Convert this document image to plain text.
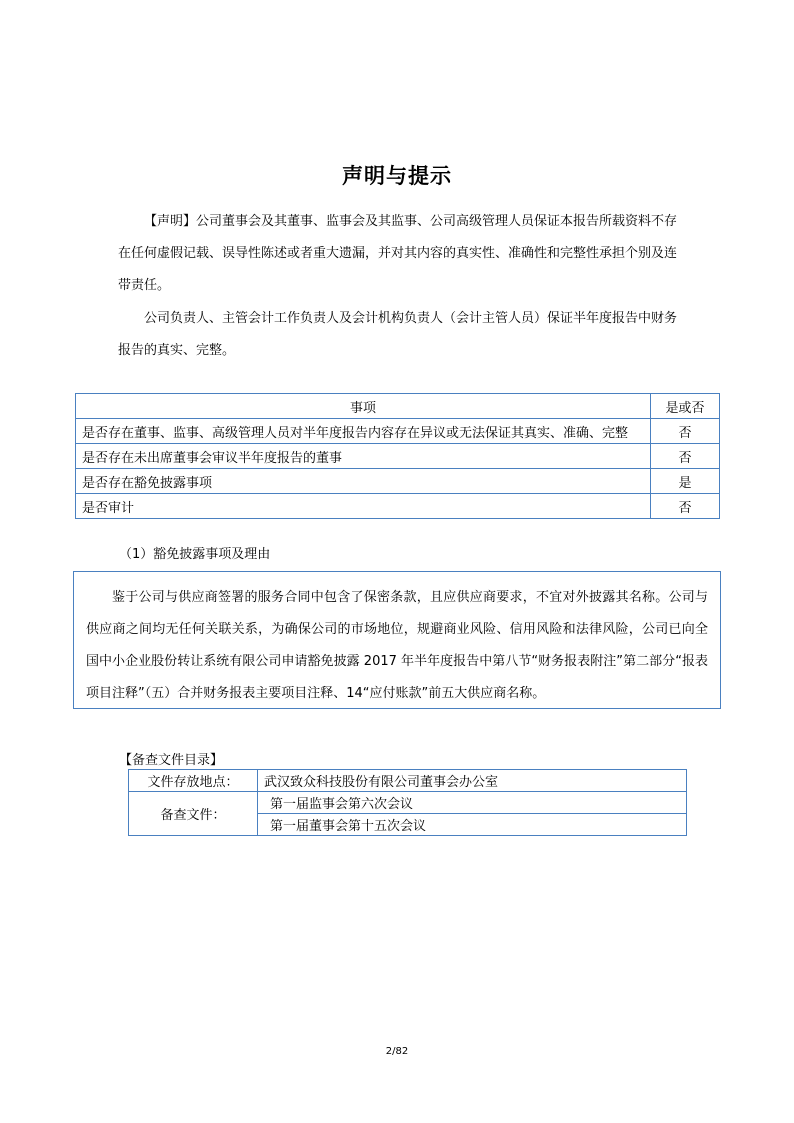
声明与提示

【声明】公司董事会及其董事、监事会及其监事、公司高级管理人员保证本报告所载资料不存在任何虚假记载、误导性陈述或者重大遗漏，并对其内容的真实性、准确性和完整性承担个别及连带责任。

公司负责人、主管会计工作负责人及会计机构负责人（会计主管人员）保证半年度报告中财务报告的真实、完整。

事项	是或否
是否存在董事、监事、高级管理人员对半年度报告内容存在异议或无法保证其真实、准确、完整	否
是否存在未出席董事会审议半年度报告的董事	否
是否存在豁免披露事项	是
是否审计	否
（1）豁免披露事项及理由
鉴于公司与供应商签署的服务合同中包含了保密条款，且应供应商要求，不宜对外披露其名称。公司与供应商之间均无任何关联关系，为确保公司的市场地位，规避商业风险、信用风险和法律风险，公司已向全国中小企业股份转让系统有限公司申请豁免披露 2017 年半年度报告中第八节“财务报表附注”第二部分“报表项目注释”（五）合并财务报表主要项目注释、14“应付账款”前五大供应商名称。
【备查文件目录】
文件存放地点：	武汉致众科技股份有限公司董事会办公室
备查文件：	第一届监事会第六次会议
	第一届董事会第十五次会议
2/82
